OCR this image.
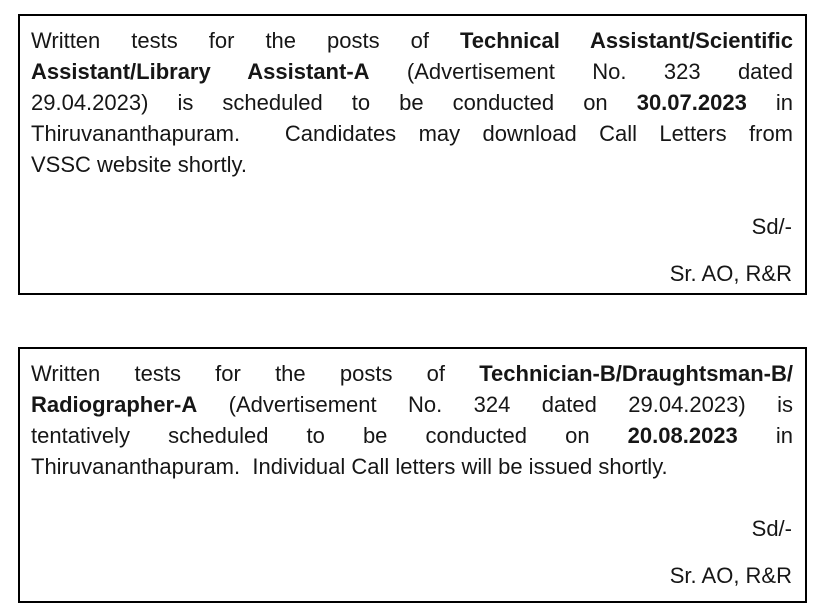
Written tests for the posts of Technical Assistant/Scientific
Assistant/Library Assistant-A (Advertisement No. 323 dated
29.04.2023) is scheduled to be conducted on 30.07.2023 in
Thiruvananthapuram.  Candidates may download Call Letters from
VSSC website shortly.
Sd/-
Sr. AO, R&R
Written tests for the posts of Technician-B/Draughtsman-B/
Radiographer-A (Advertisement No. 324 dated 29.04.2023) is
tentatively scheduled to be conducted on 20.08.2023 in
Thiruvananthapuram.  Individual Call letters will be issued shortly.
Sd/-
Sr. AO, R&R
